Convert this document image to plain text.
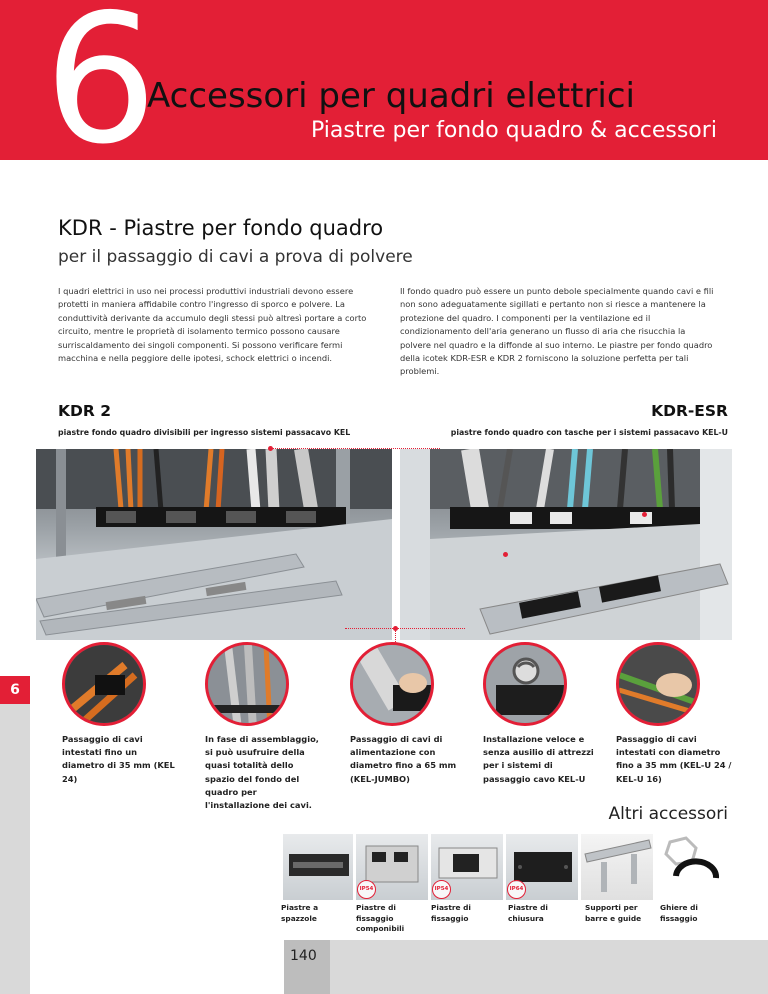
6
Accessori per quadri elettrici
Piastre per fondo quadro & accessori
KDR - Piastre per fondo quadro
per il passaggio di cavi a prova di polvere

I quadri elettrici in uso nei processi produttivi industriali devono essere protetti in maniera affidabile contro l'ingresso di sporco e polvere. La conduttività derivante da accumulo degli stessi può altresì portare a corto circuito, mentre le proprietà di isolamento termico possono causare surriscaldamento dei singoli componenti. Si possono verificare fermi macchina e nella peggiore delle ipotesi, schock elettrici o incendi.

Il fondo quadro può essere un punto debole specialmente quando cavi e fili non sono adeguatamente sigillati e pertanto non si riesce a mantenere la protezione del quadro. I componenti per la ventilazione ed il condizionamento dell'aria generano un flusso di aria che risucchia la polvere nel quadro e la diffonde al suo interno. Le piastre per fondo quadro della icotek KDR-ESR e KDR 2 forniscono la soluzione perfetta per tali problemi.

KDR 2	KDR-ESR
piastre fondo quadro divisibili per ingresso sistemi passacavo KEL	piastre fondo quadro con tasche per i sistemi passacavo KEL-U
6
Passaggio di cavi intestati fino un diametro di 35 mm (KEL 24)
In fase di assemblaggio, si può usufruire della quasi totalità dello spazio del fondo del quadro per l'installazione dei cavi.
Passaggio di cavi di alimentazione con diametro fino a 65 mm (KEL-JUMBO)
Installazione veloce e senza ausilio di attrezzi per i sistemi di passaggio cavo KEL-U
Passaggio di cavi intestati con diametro fino a 35 mm (KEL-U 24 / KEL-U 16)
Altri accessori
IP54	IP54	IP64
Piastre a spazzole
Piastre di fissaggio componibili
Piastre di fissaggio
Piastre di chiusura
Supporti per barre e guide
Ghiere di fissaggio
140
